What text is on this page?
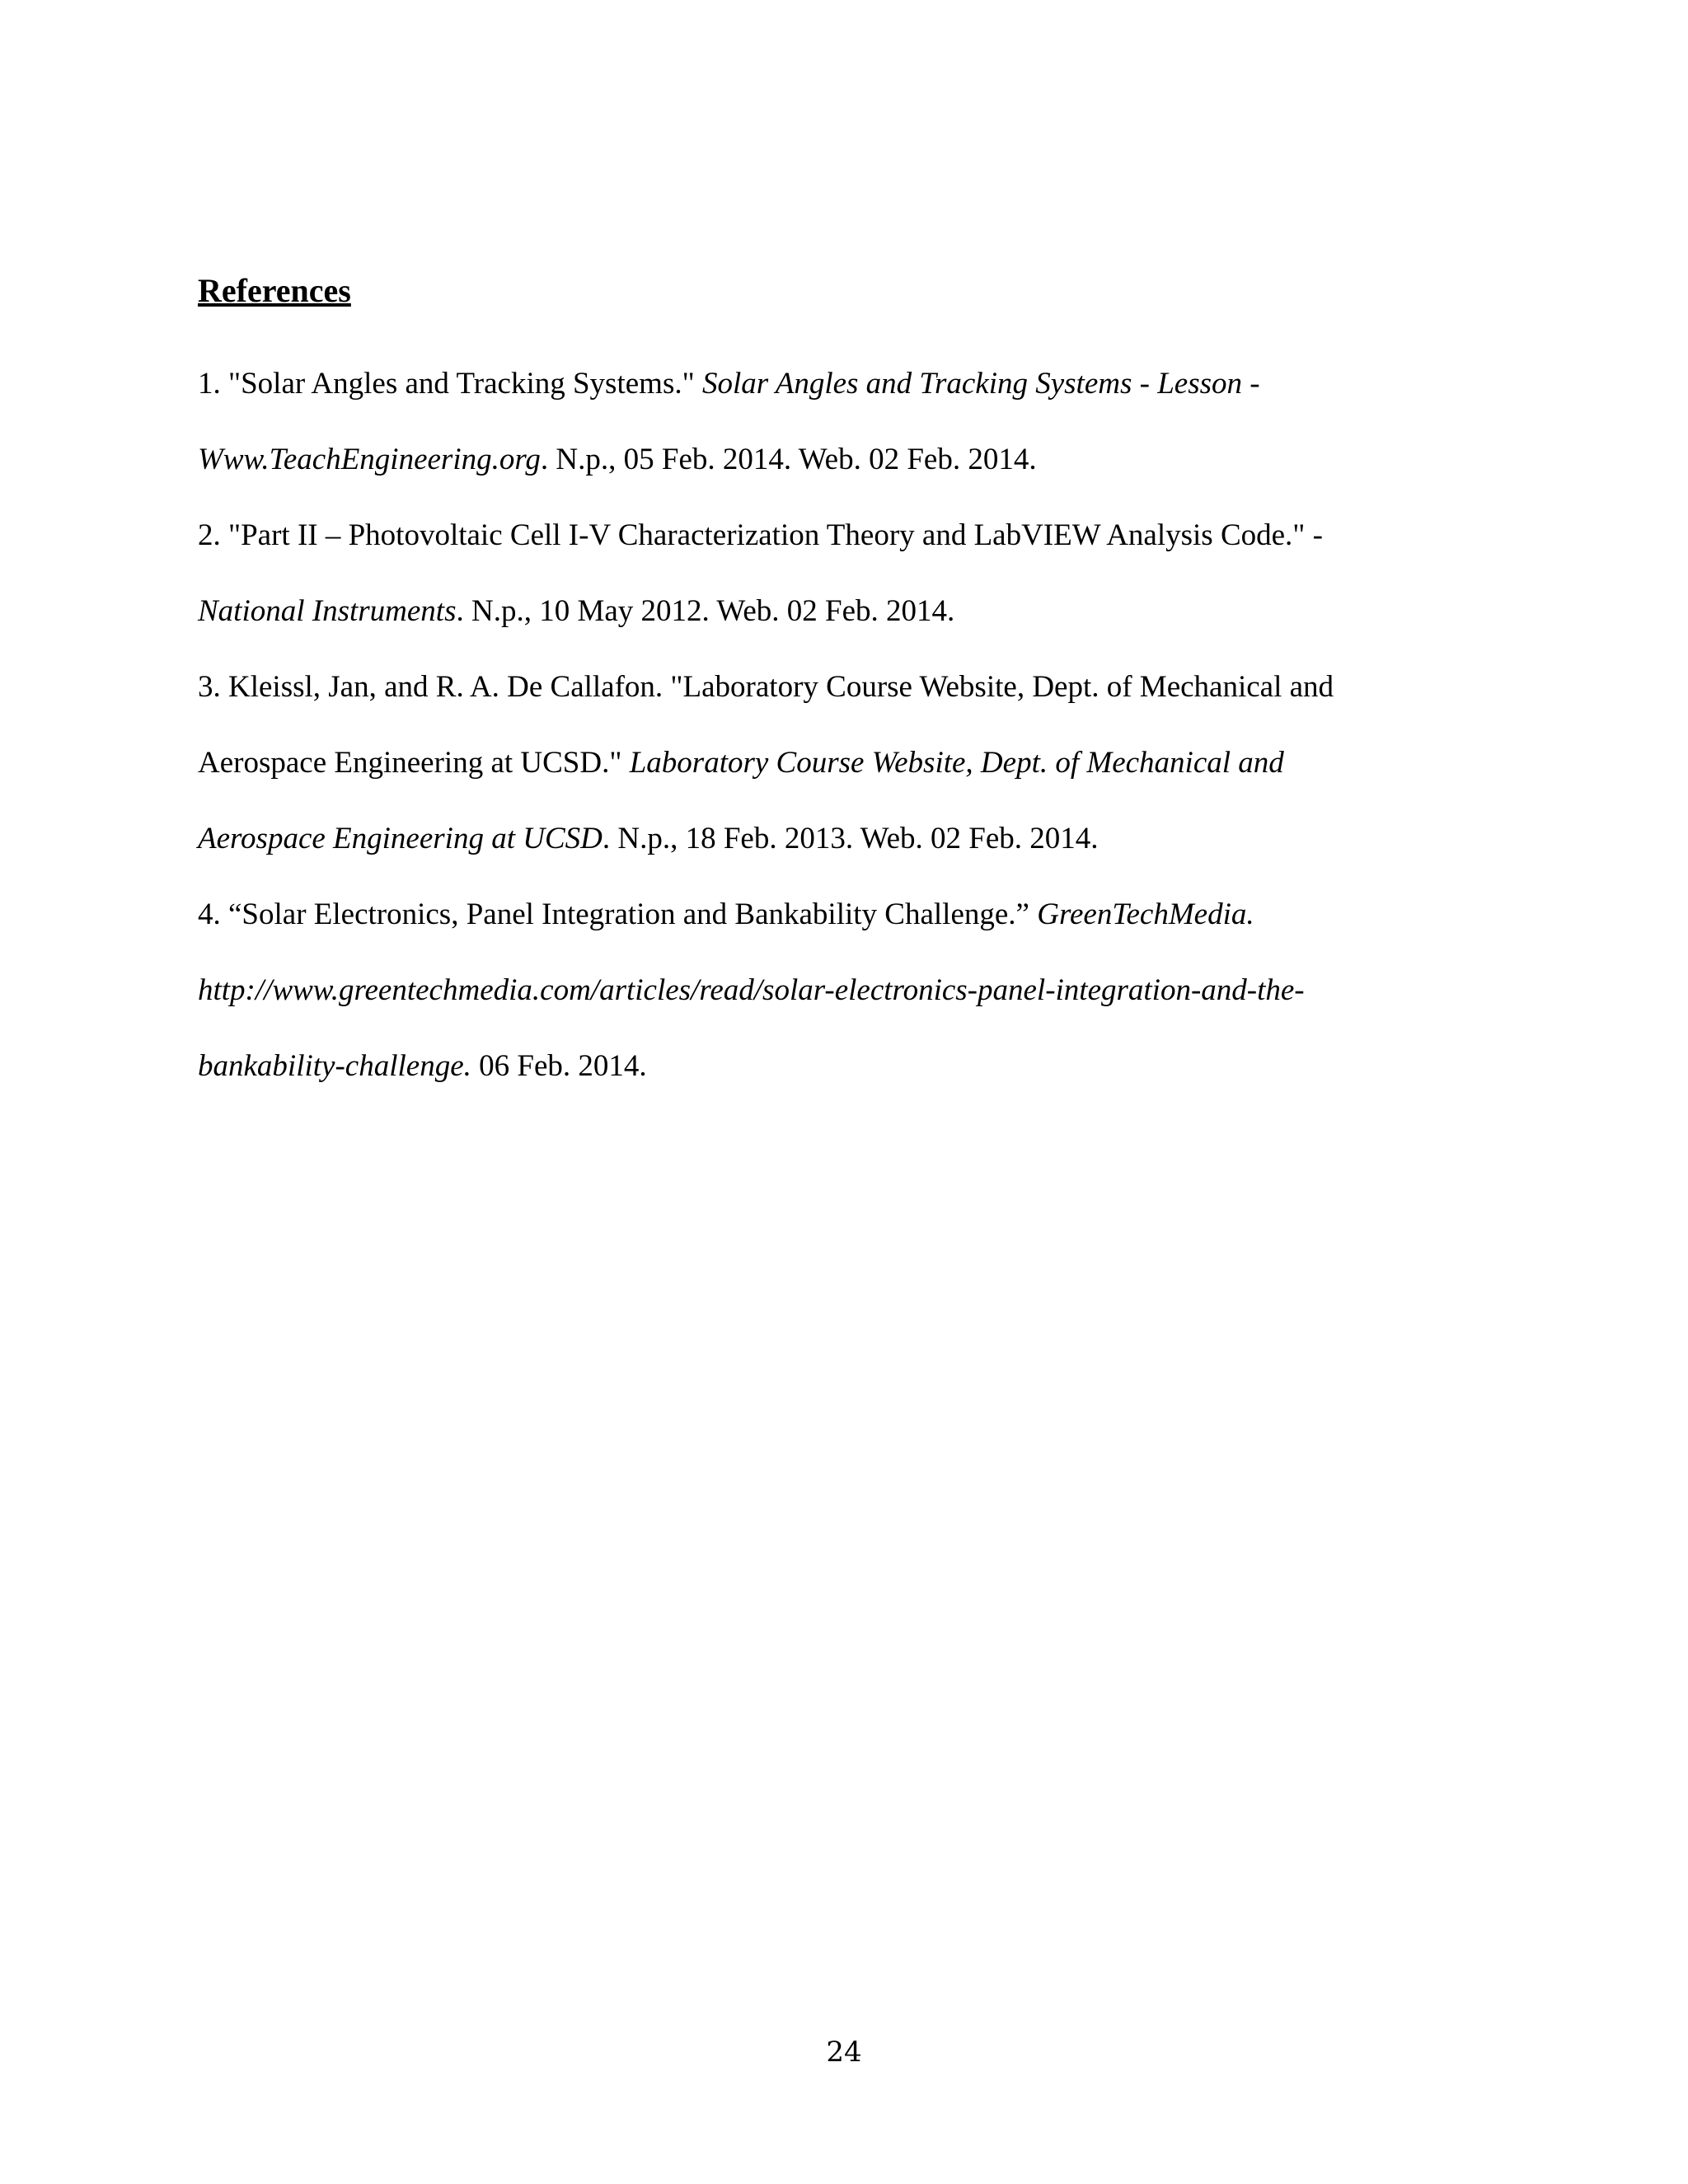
References
1. "Solar Angles and Tracking Systems." Solar Angles and Tracking Systems - Lesson -
Www.TeachEngineering.org. N.p., 05 Feb. 2014. Web. 02 Feb. 2014.
2. "Part II – Photovoltaic Cell I-V Characterization Theory and LabVIEW Analysis Code." -
National Instruments. N.p., 10 May 2012. Web. 02 Feb. 2014.
3. Kleissl, Jan, and R. A. De Callafon. "Laboratory Course Website, Dept. of Mechanical and
Aerospace Engineering at UCSD." Laboratory Course Website, Dept. of Mechanical and
Aerospace Engineering at UCSD. N.p., 18 Feb. 2013. Web. 02 Feb. 2014.
4. “Solar Electronics, Panel Integration and Bankability Challenge.” GreenTechMedia.
http://www.greentechmedia.com/articles/read/solar-electronics-panel-integration-and-the-
bankability-challenge. 06 Feb. 2014.
24
